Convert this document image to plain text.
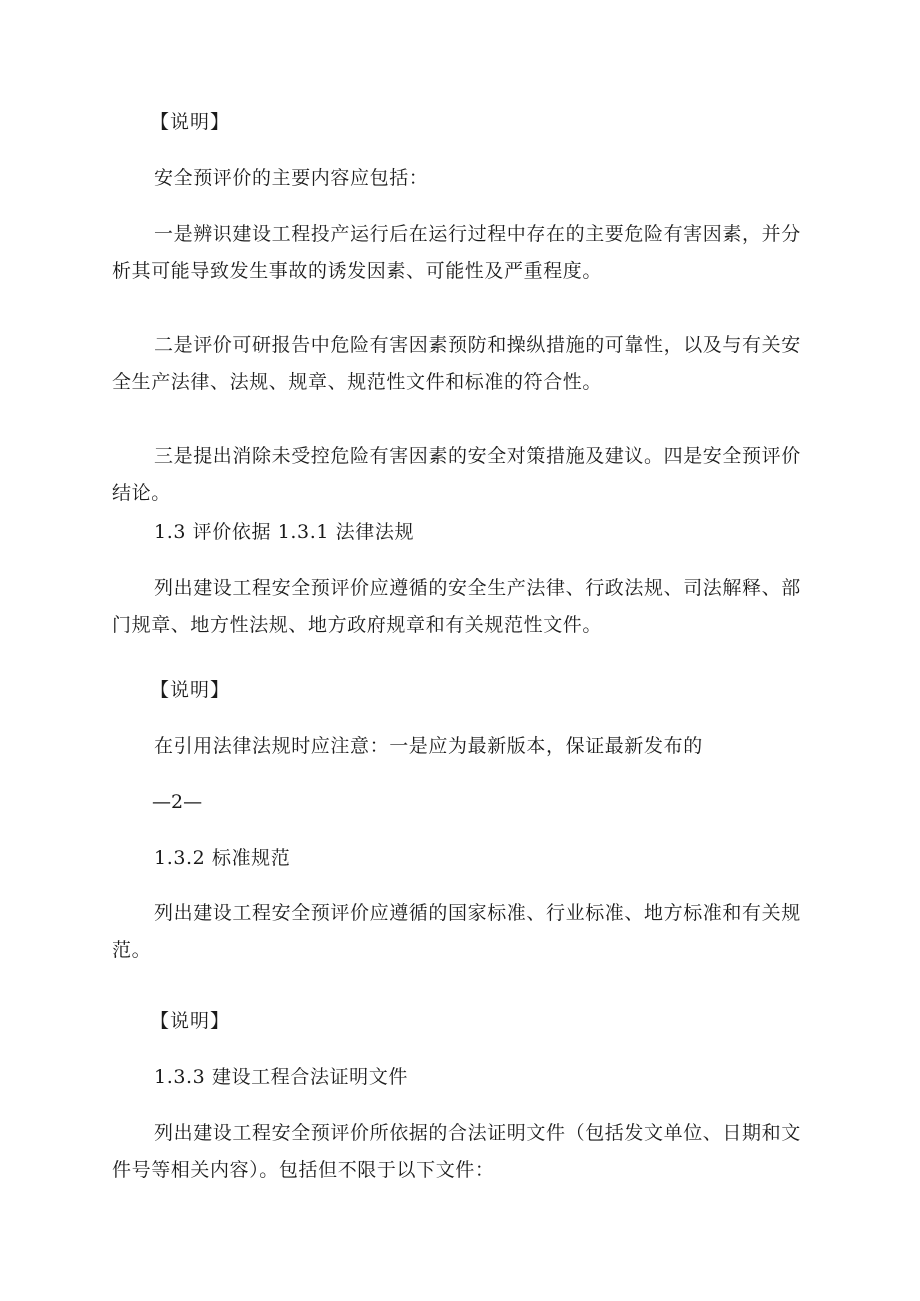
【说明】

安全预评价的主要内容应包括：

一是辨识建设工程投产运行后在运行过程中存在的主要危险有害因素，并分析其可能导致发生事故的诱发因素、可能性及严重程度。

二是评价可研报告中危险有害因素预防和操纵措施的可靠性，以及与有关安全生产法律、法规、规章、规范性文件和标准的符合性。

三是提出消除未受控危险有害因素的安全对策措施及建议。四是安全预评价结论。

1.3 评价依据 1.3.1 法律法规

列出建设工程安全预评价应遵循的安全生产法律、行政法规、司法解释、部门规章、地方性法规、地方政府规章和有关规范性文件。

【说明】

在引用法律法规时应注意：一是应为最新版本，保证最新发布的

—2—

1.3.2 标准规范

列出建设工程安全预评价应遵循的国家标准、行业标准、地方标准和有关规范。

【说明】

1.3.3 建设工程合法证明文件

列出建设工程安全预评价所依据的合法证明文件（包括发文单位、日期和文件号等相关内容）。包括但不限于以下文件：
